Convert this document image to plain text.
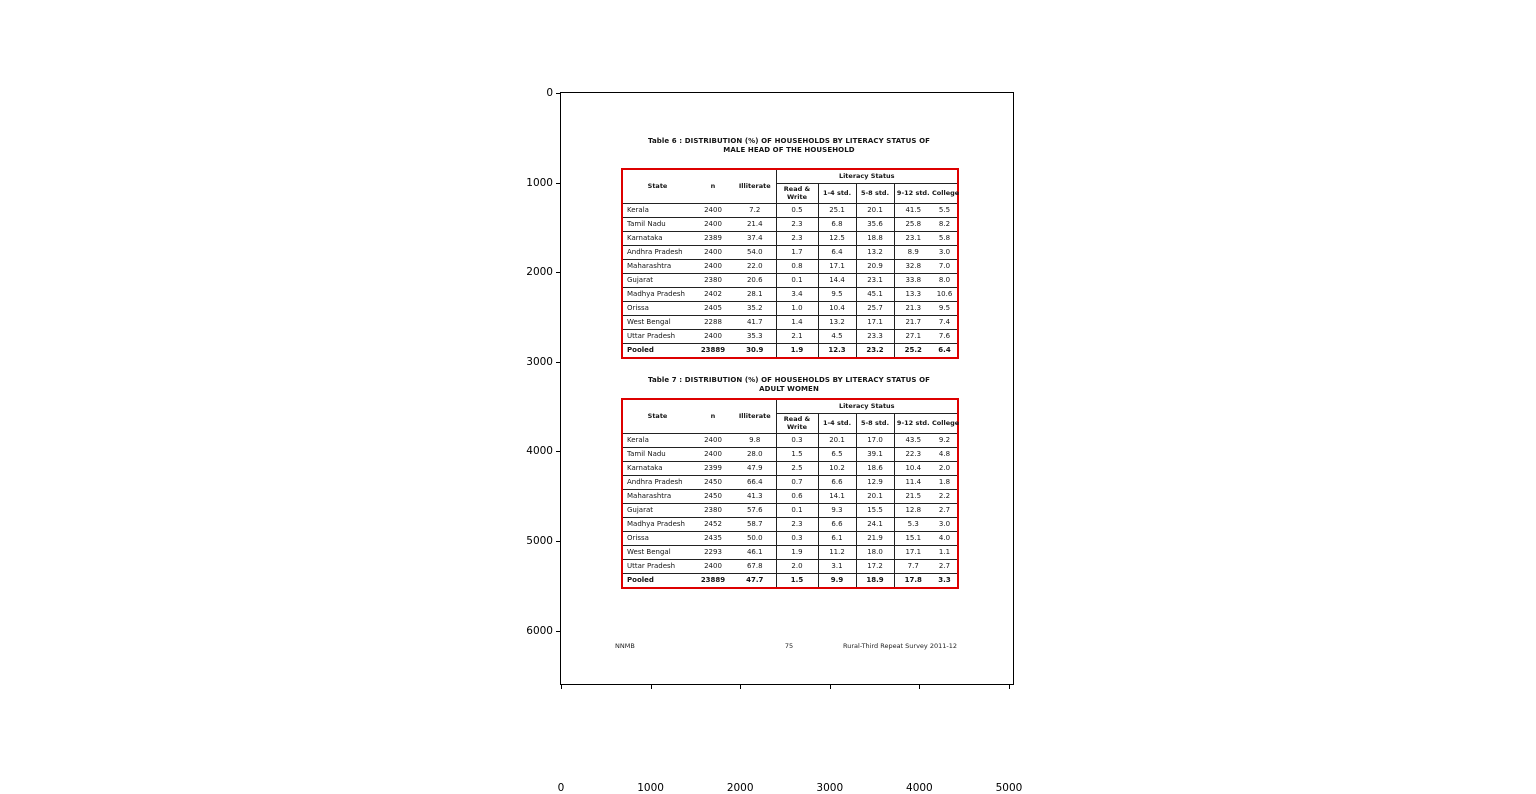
Table 6 : DISTRIBUTION (%) OF HOUSEHOLDS BY LITERACY STATUS OF
MALE HEAD OF THE HOUSEHOLD
State	n	Illiterate	Literacy Status				
			Read & Write	1-4 std.	5-8 std.	9-12 std.	College
Kerala	2400	7.2	0.5	25.1	20.1	41.5	5.5
Tamil Nadu	2400	21.4	2.3	6.8	35.6	25.8	8.2
Karnataka	2389	37.4	2.3	12.5	18.8	23.1	5.8
Andhra Pradesh	2400	54.0	1.7	6.4	13.2	8.9	3.0
Maharashtra	2400	22.0	0.8	17.1	20.9	32.8	7.0
Gujarat	2380	20.6	0.1	14.4	23.1	33.8	8.0
Madhya Pradesh	2402	28.1	3.4	9.5	45.1	13.3	10.6
Orissa	2405	35.2	1.0	10.4	25.7	21.3	9.5
West Bengal	2288	41.7	1.4	13.2	17.1	21.7	7.4
Uttar Pradesh	2400	35.3	2.1	4.5	23.3	27.1	7.6
Pooled	23889	30.9	1.9	12.3	23.2	25.2	6.4
Table 7 : DISTRIBUTION (%) OF HOUSEHOLDS BY LITERACY STATUS OF
ADULT WOMEN
State	n	Illiterate	Literacy Status				
			Read & Write	1-4 std.	5-8 std.	9-12 std.	College
Kerala	2400	9.8	0.3	20.1	17.0	43.5	9.2
Tamil Nadu	2400	28.0	1.5	6.5	39.1	22.3	4.8
Karnataka	2399	47.9	2.5	10.2	18.6	10.4	2.0
Andhra Pradesh	2450	66.4	0.7	6.6	12.9	11.4	1.8
Maharashtra	2450	41.3	0.6	14.1	20.1	21.5	2.2
Gujarat	2380	57.6	0.1	9.3	15.5	12.8	2.7
Madhya Pradesh	2452	58.7	2.3	6.6	24.1	5.3	3.0
Orissa	2435	50.0	0.3	6.1	21.9	15.1	4.0
West Bengal	2293	46.1	1.9	11.2	18.0	17.1	1.1
Uttar Pradesh	2400	67.8	2.0	3.1	17.2	7.7	2.7
Pooled	23889	47.7	1.5	9.9	18.9	17.8	3.3
NNMB	75	Rural-Third Repeat Survey 2011-12
0
1000
2000
3000
4000
5000
6000
0	1000	2000	3000	4000	5000
